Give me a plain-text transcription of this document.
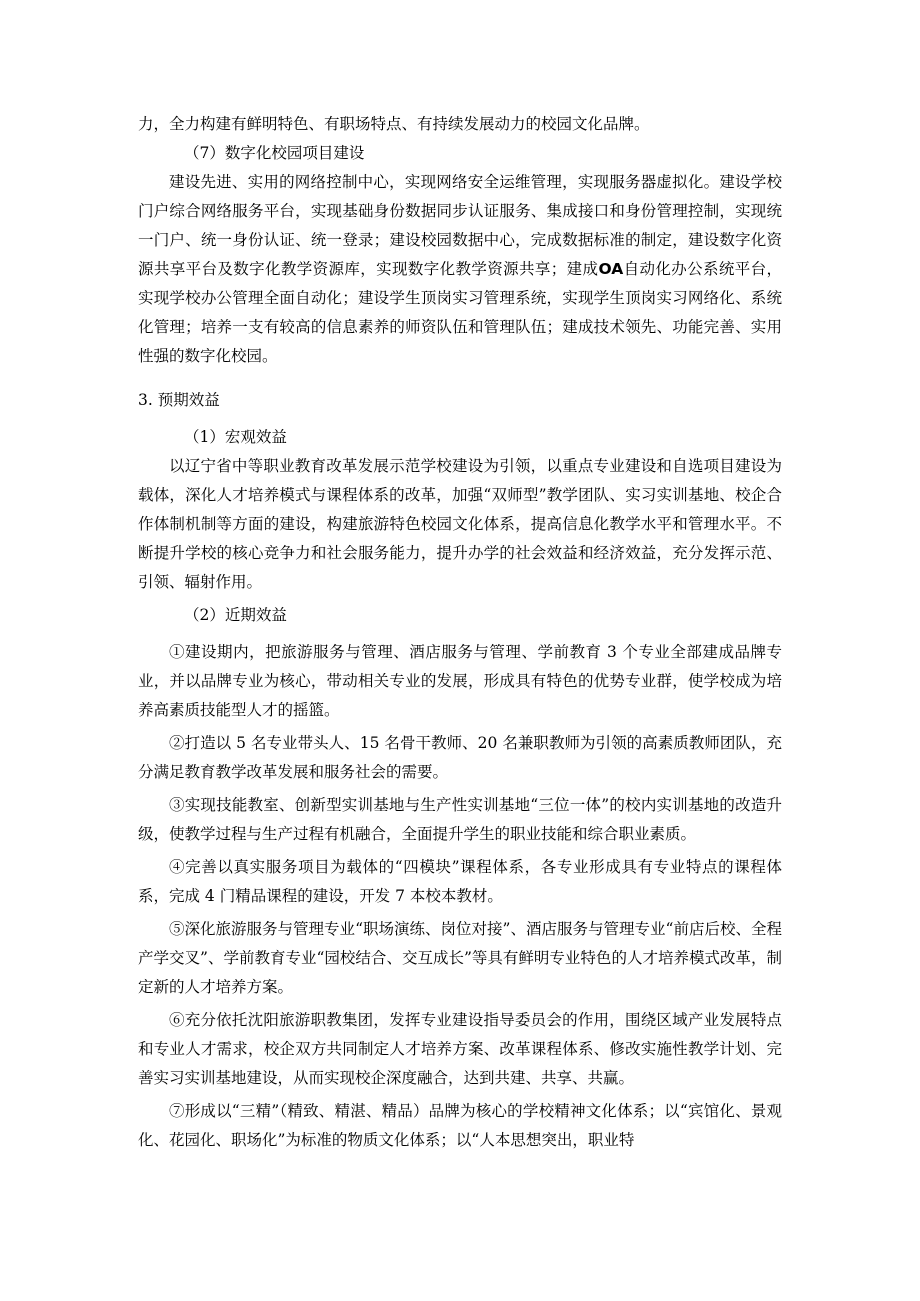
力，全力构建有鲜明特色、有职场特点、有持续发展动力的校园文化品牌。

（7）数字化校园项目建设

建设先进、实用的网络控制中心，实现网络安全运维管理，实现服务器虚拟化。建设学校门户综合网络服务平台，实现基础身份数据同步认证服务、集成接口和身份管理控制，实现统一门户、统一身份认证、统一登录；建设校园数据中心，完成数据标准的制定，建设数字化资源共享平台及数字化教学资源库，实现数字化教学资源共享；建成OA自动化办公系统平台，实现学校办公管理全面自动化；建设学生顶岗实习管理系统，实现学生顶岗实习网络化、系统化管理；培养一支有较高的信息素养的师资队伍和管理队伍；建成技术领先、功能完善、实用性强的数字化校园。

3. 预期效益

（1）宏观效益

以辽宁省中等职业教育改革发展示范学校建设为引领，以重点专业建设和自选项目建设为载体，深化人才培养模式与课程体系的改革，加强“双师型”教学团队、实习实训基地、校企合作体制机制等方面的建设，构建旅游特色校园文化体系，提高信息化教学水平和管理水平。不断提升学校的核心竞争力和社会服务能力，提升办学的社会效益和经济效益，充分发挥示范、引领、辐射作用。

（2）近期效益

①建设期内，把旅游服务与管理、酒店服务与管理、学前教育 3 个专业全部建成品牌专业，并以品牌专业为核心，带动相关专业的发展，形成具有特色的优势专业群，使学校成为培养高素质技能型人才的摇篮。

②打造以 5 名专业带头人、15 名骨干教师、20 名兼职教师为引领的高素质教师团队，充分满足教育教学改革发展和服务社会的需要。

③实现技能教室、创新型实训基地与生产性实训基地“三位一体”的校内实训基地的改造升级，使教学过程与生产过程有机融合，全面提升学生的职业技能和综合职业素质。

④完善以真实服务项目为载体的“四模块”课程体系，各专业形成具有专业特点的课程体系，完成 4 门精品课程的建设，开发 7 本校本教材。

⑤深化旅游服务与管理专业“职场演练、岗位对接”、酒店服务与管理专业“前店后校、全程产学交叉”、学前教育专业“园校结合、交互成长”等具有鲜明专业特色的人才培养模式改革，制定新的人才培养方案。

⑥充分依托沈阳旅游职教集团，发挥专业建设指导委员会的作用，围绕区域产业发展特点和专业人才需求，校企双方共同制定人才培养方案、改革课程体系、修改实施性教学计划、完善实习实训基地建设，从而实现校企深度融合，达到共建、共享、共赢。

⑦形成以“三精”（精致、精湛、精品）品牌为核心的学校精神文化体系；以“宾馆化、景观化、花园化、职场化”为标准的物质文化体系；以“人本思想突出，职业特
